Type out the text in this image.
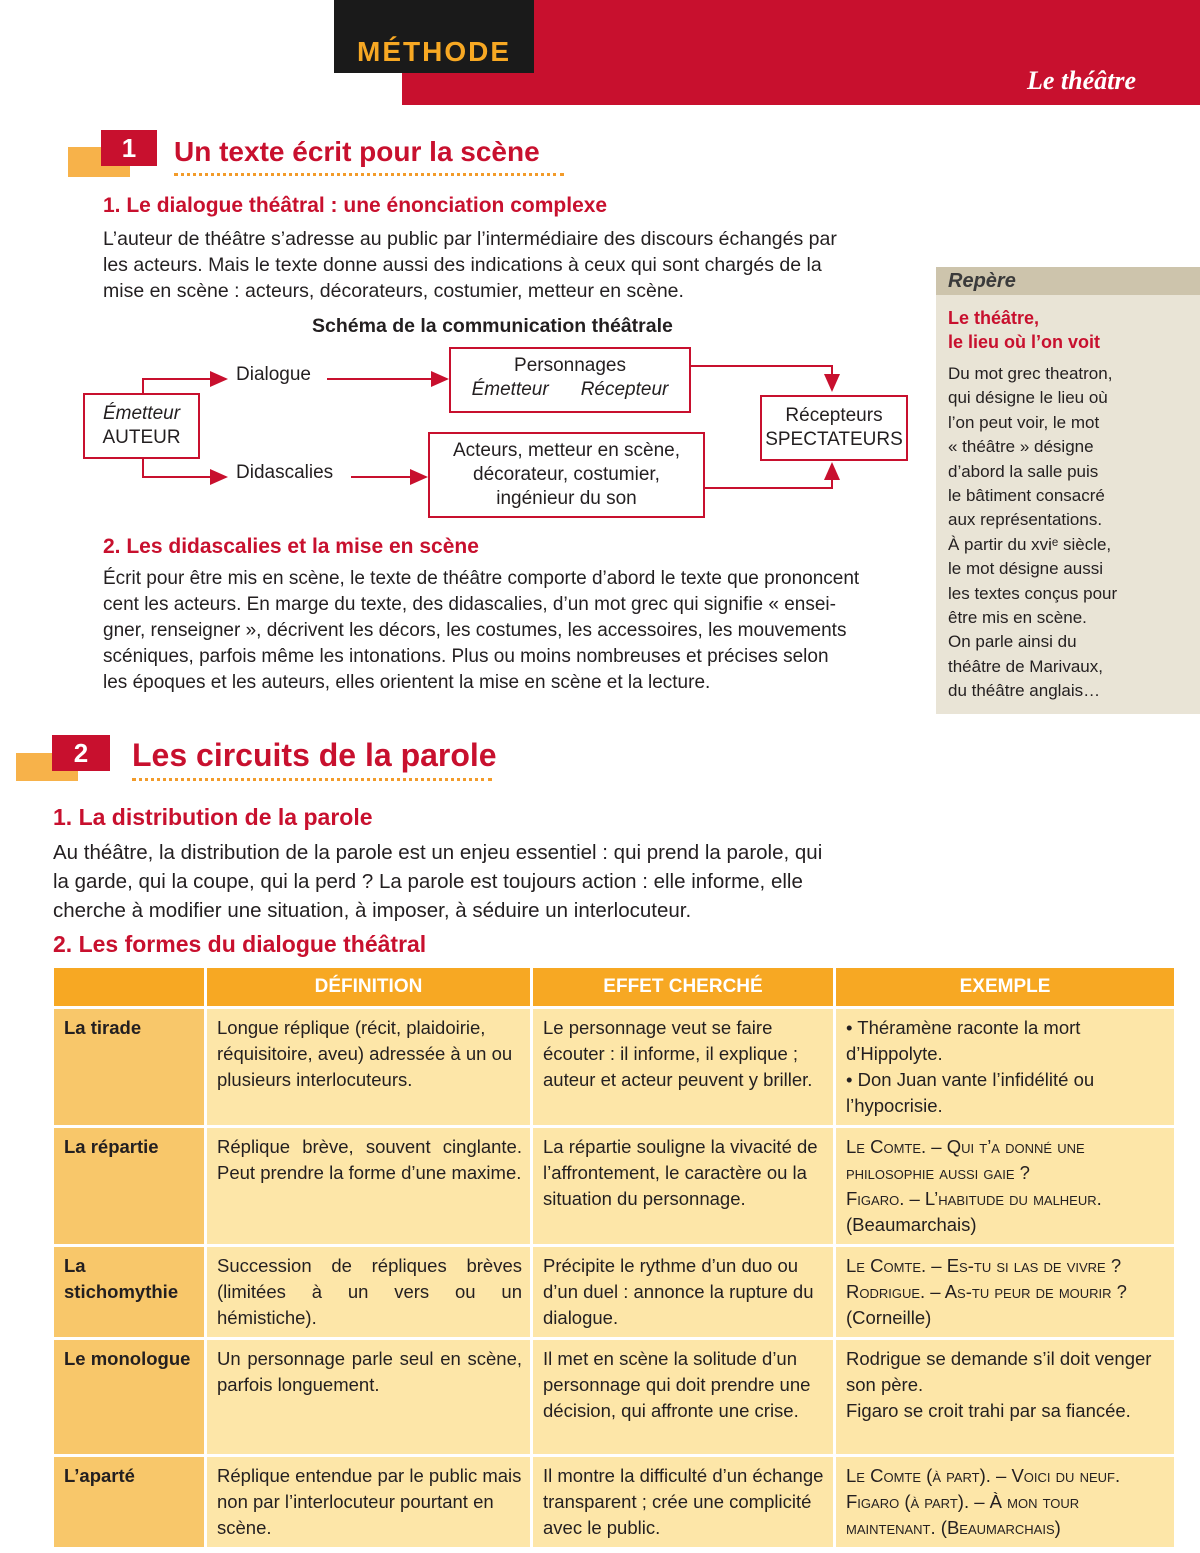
MÉTHODE
Le théâtre
1	Un texte écrit pour la scène
1. Le dialogue théâtral : une énonciation complexe
L’auteur de théâtre s’adresse au public par l’intermédiaire des discours échangés par
les acteurs. Mais le texte donne aussi des indications à ceux qui sont chargés de la
mise en scène : acteurs, décorateurs, costumier, metteur en scène.
Schéma de la communication théâtrale
Émetteur
AUTEUR
Dialogue
Didascalies
Personnages
Émetteur Récepteur
Acteurs, metteur en scène,
décorateur, costumier,
ingénieur du son
Récepteurs
SPECTATEURS
2. Les didascalies et la mise en scène
Écrit pour être mis en scène, le texte de théâtre comporte d’abord le texte que prononcent
cent les acteurs. En marge du texte, des didascalies, d’un mot grec qui signifie « ensei-
gner, renseigner », décrivent les décors, les costumes, les accessoires, les mouvements
scéniques, parfois même les intonations. Plus ou moins nombreuses et précises selon
les époques et les auteurs, elles orientent la mise en scène et la lecture.
Repère
Le théâtre,
le lieu où l’on voit
Du mot grec theatron,
qui désigne le lieu où
l’on peut voir, le mot
« théâtre » désigne
d’abord la salle puis
le bâtiment consacré
aux représentations.
À partir du xviᵉ siècle,
le mot désigne aussi
les textes conçus pour
être mis en scène.
On parle ainsi du
théâtre de Marivaux,
du théâtre anglais…
2	Les circuits de la parole
1. La distribution de la parole
Au théâtre, la distribution de la parole est un enjeu essentiel : qui prend la parole, qui
la garde, qui la coupe, qui la perd ? La parole est toujours action : elle informe, elle
cherche à modifier une situation, à imposer, à séduire un interlocuteur.
2. Les formes du dialogue théâtral
	DÉFINITION	EFFET CHERCHÉ	EXEMPLE
La tirade	Longue réplique (récit, plaidoirie, réquisitoire, aveu) adressée à un ou plusieurs interlocuteurs.	Le personnage veut se faire écouter : il informe, il explique ; auteur et acteur peuvent y briller.	• Théramène raconte la mort d’Hippolyte.
• Don Juan vante l’infidélité ou l’hypocrisie.

La répartie	Réplique brève, souvent cinglante. Peut prendre la forme d’une maxime.	La répartie souligne la vivacité de l’affrontement, le caractère ou la situation du personnage.	Le Comte. – Qui t’a donné une philosophie aussi gaie ?
Figaro. – L’habitude du malheur.
(Beaumarchais)

La stichomythie	Succession de répliques brèves (limitées à un vers ou un hémistiche).	Précipite le rythme d’un duo ou d’un duel : annonce la rupture du dialogue.	Le Comte. – Es-tu si las de vivre ?
Rodrigue. – As-tu peur de mourir ?
(Corneille)

Le monologue	Un personnage parle seul en scène, parfois longuement.	Il met en scène la solitude d’un personnage qui doit prendre une décision, qui affronte une crise.	Rodrigue se demande s’il doit venger son père.
Figaro se croit trahi par sa fiancée.

L’aparté	Réplique entendue par le public mais non par l’interlocuteur pourtant en scène.	Il montre la difficulté d’un échange transparent ; crée une complicité avec le public.	Le Comte (à part). – Voici du neuf.
Figaro (à part). – À mon tour maintenant. (Beaumarchais)
